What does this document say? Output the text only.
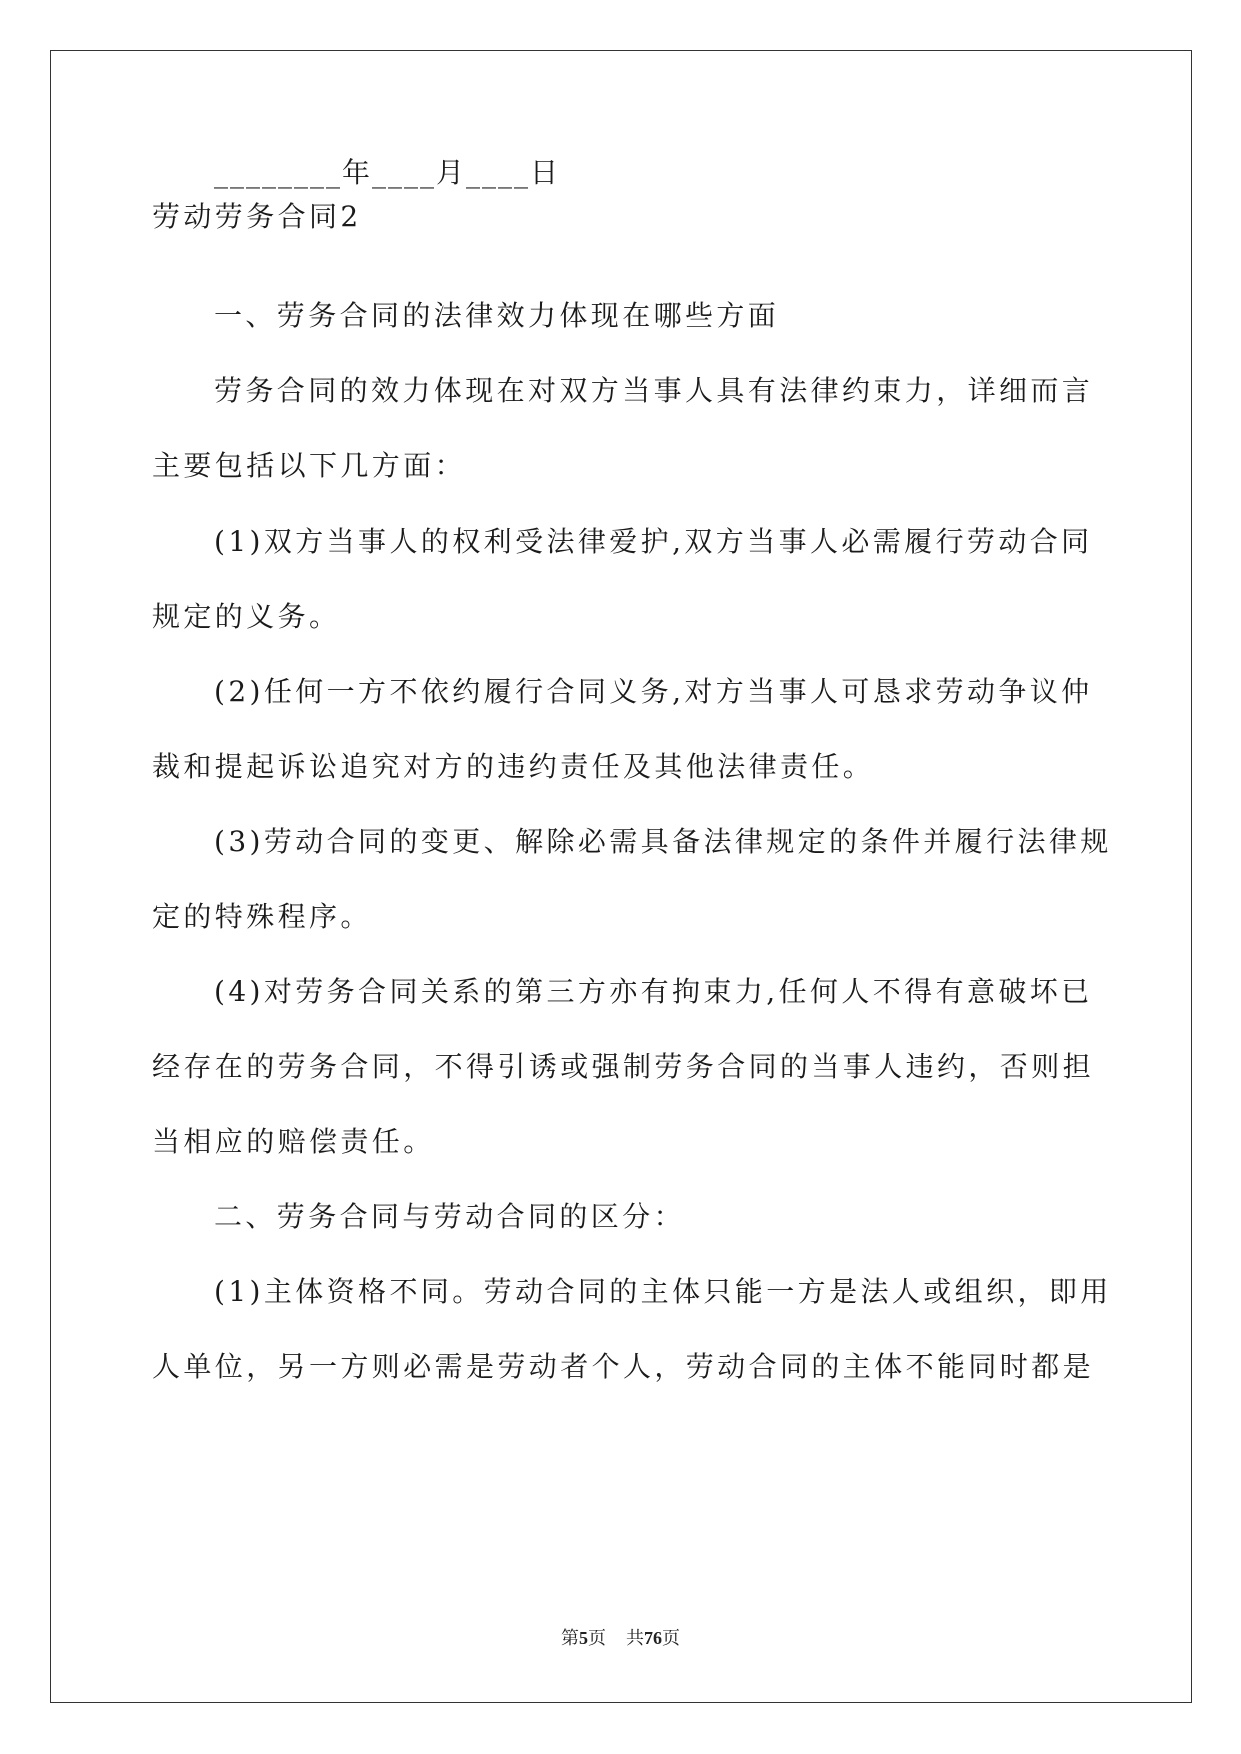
________年____月____日
劳动劳务合同2
一、劳务合同的法律效力体现在哪些方面
劳务合同的效力体现在对双方当事人具有法律约束力，详细而言
主要包括以下几方面：
(1)双方当事人的权利受法律爱护,双方当事人必需履行劳动合同
规定的义务。
(2)任何一方不依约履行合同义务,对方当事人可恳求劳动争议仲
裁和提起诉讼追究对方的违约责任及其他法律责任。
(3)劳动合同的变更、解除必需具备法律规定的条件并履行法律规
定的特殊程序。
(4)对劳务合同关系的第三方亦有拘束力,任何人不得有意破坏已
经存在的劳务合同，不得引诱或强制劳务合同的当事人违约，否则担
当相应的赔偿责任。
二、劳务合同与劳动合同的区分：
(1)主体资格不同。劳动合同的主体只能一方是法人或组织，即用
人单位，另一方则必需是劳动者个人，劳动合同的主体不能同时都是
第5页 共76页
